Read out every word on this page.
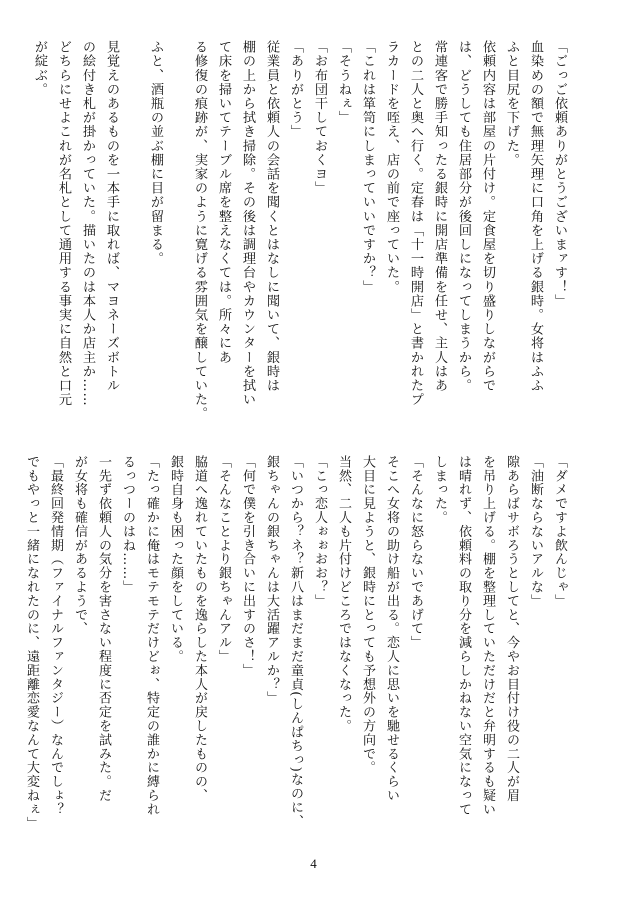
「ごっご依頼ありがとうございまァす！」
血染めの額で無理矢理に口角を上げる銀時。女将はふふ
ふと目尻を下げた。
依頼内容は部屋の片付け。定食屋を切り盛りしながらで
は、どうしても住居部分が後回しになってしまうから。
常連客で勝手知ったる銀時に開店準備を任せ、主人はあ
との二人と奥へ行く。定春は「十一時開店」と書かれたプ
ラカードを咥え、店の前で座っていた。
「これは箪笥にしまっていいですか？」
「そうねぇ」
「お布団干しておくヨ」
「ありがとう」
従業員と依頼人の会話を聞くとはなしに聞いて、銀時は
棚の上から拭き掃除。その後は調理台やカウンターを拭い
て床を掃いてテーブル席を整えなくては。所々にあ
る修復の痕跡が、実家のように寛げる雰囲気を醸していた。

ふと、酒瓶の並ぶ棚に目が留まる。

見覚えのあるものを一本手に取れば、マヨネーズボトル
の絵付き札が掛かっていた。描いたのは本人か店主か……
どちらにせよこれが名札として通用する事実に自然と口元
が綻ぶ。
「ダメですよ飲んじゃ」
「油断ならないアルな」
隙あらばサボろうとしてと、今やお目付け役の二人が眉
を吊り上げる。棚を整理していただけだと弁明するも疑い
は晴れず、依頼料の取り分を減らしかねない空気になって
しまった。
「そんなに怒らないであげて」
そこへ女将の助け船が出る。恋人に思いを馳せるくらい
大目に見ようと、銀時にとっても予想外の方向で。
当然、二人も片付けどころではなくなった。
「こっ恋人ぉぉおお？」
「いつから？ネ？新八はまだまだ童貞(しんぱちっ)なのに、
銀ちゃんの銀ちゃんは大活躍アルか？」
「何で僕を引き合いに出すのさ！」
「そんなことより銀ちゃんアル」
脇道へ逸れていたものを逸らした本人が戻したものの、
銀時自身も困った顔をしている。
「たっ確かに俺はモテモテだけどぉ、特定の誰かに縛られ
るっつーのはね……」
一先ず依頼人の気分を害さない程度に否定を試みた。だ
が女将も確信があるようで、
「最終回発情期（ファイナルファンタジー）なんでしょ？
でもやっと一緒になれたのに、遠距離恋愛なんて大変ねぇ」
4
